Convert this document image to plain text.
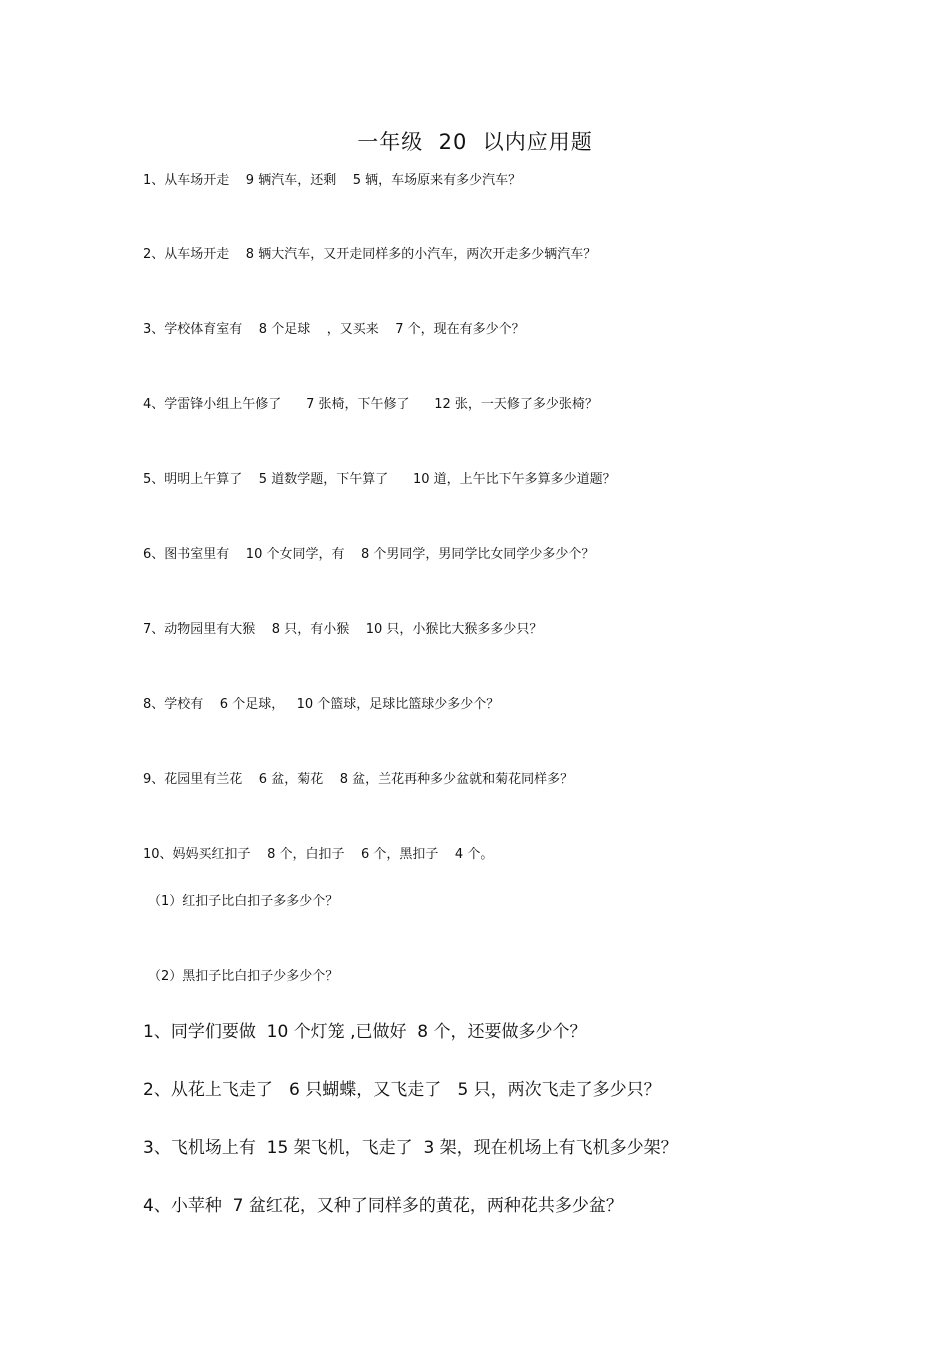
一年级  20  以内应用题
1、从车场开走    9 辆汽车，还剩    5 辆，车场原来有多少汽车？
2、从车场开走    8 辆大汽车，又开走同样多的小汽车，两次开走多少辆汽车？
3、学校体育室有    8 个足球    ，又买来    7 个，现在有多少个？
4、学雷锋小组上午修了      7 张椅，下午修了      12 张，一天修了多少张椅？
5、明明上午算了    5 道数学题，下午算了      10 道，上午比下午多算多少道题？
6、图书室里有    10 个女同学，有    8 个男同学，男同学比女同学少多少个？
7、动物园里有大猴    8 只，有小猴    10 只，小猴比大猴多多少只？
8、学校有    6 个足球，   10 个篮球，足球比篮球少多少个？
9、花园里有兰花    6 盆，菊花    8 盆，兰花再种多少盆就和菊花同样多？
10、妈妈买红扣子    8 个，白扣子    6 个，黑扣子    4 个。
（1）红扣子比白扣子多多少个？
（2）黑扣子比白扣子少多少个？
1、同学们要做  10 个灯笼 ,已做好  8 个，还要做多少个？
2、从花上飞走了   6 只蝴蝶，又飞走了   5 只，两次飞走了多少只？
3、飞机场上有  15 架飞机，飞走了  3 架，现在机场上有飞机多少架？
4、小苹种  7 盆红花，又种了同样多的黄花，两种花共多少盆？
